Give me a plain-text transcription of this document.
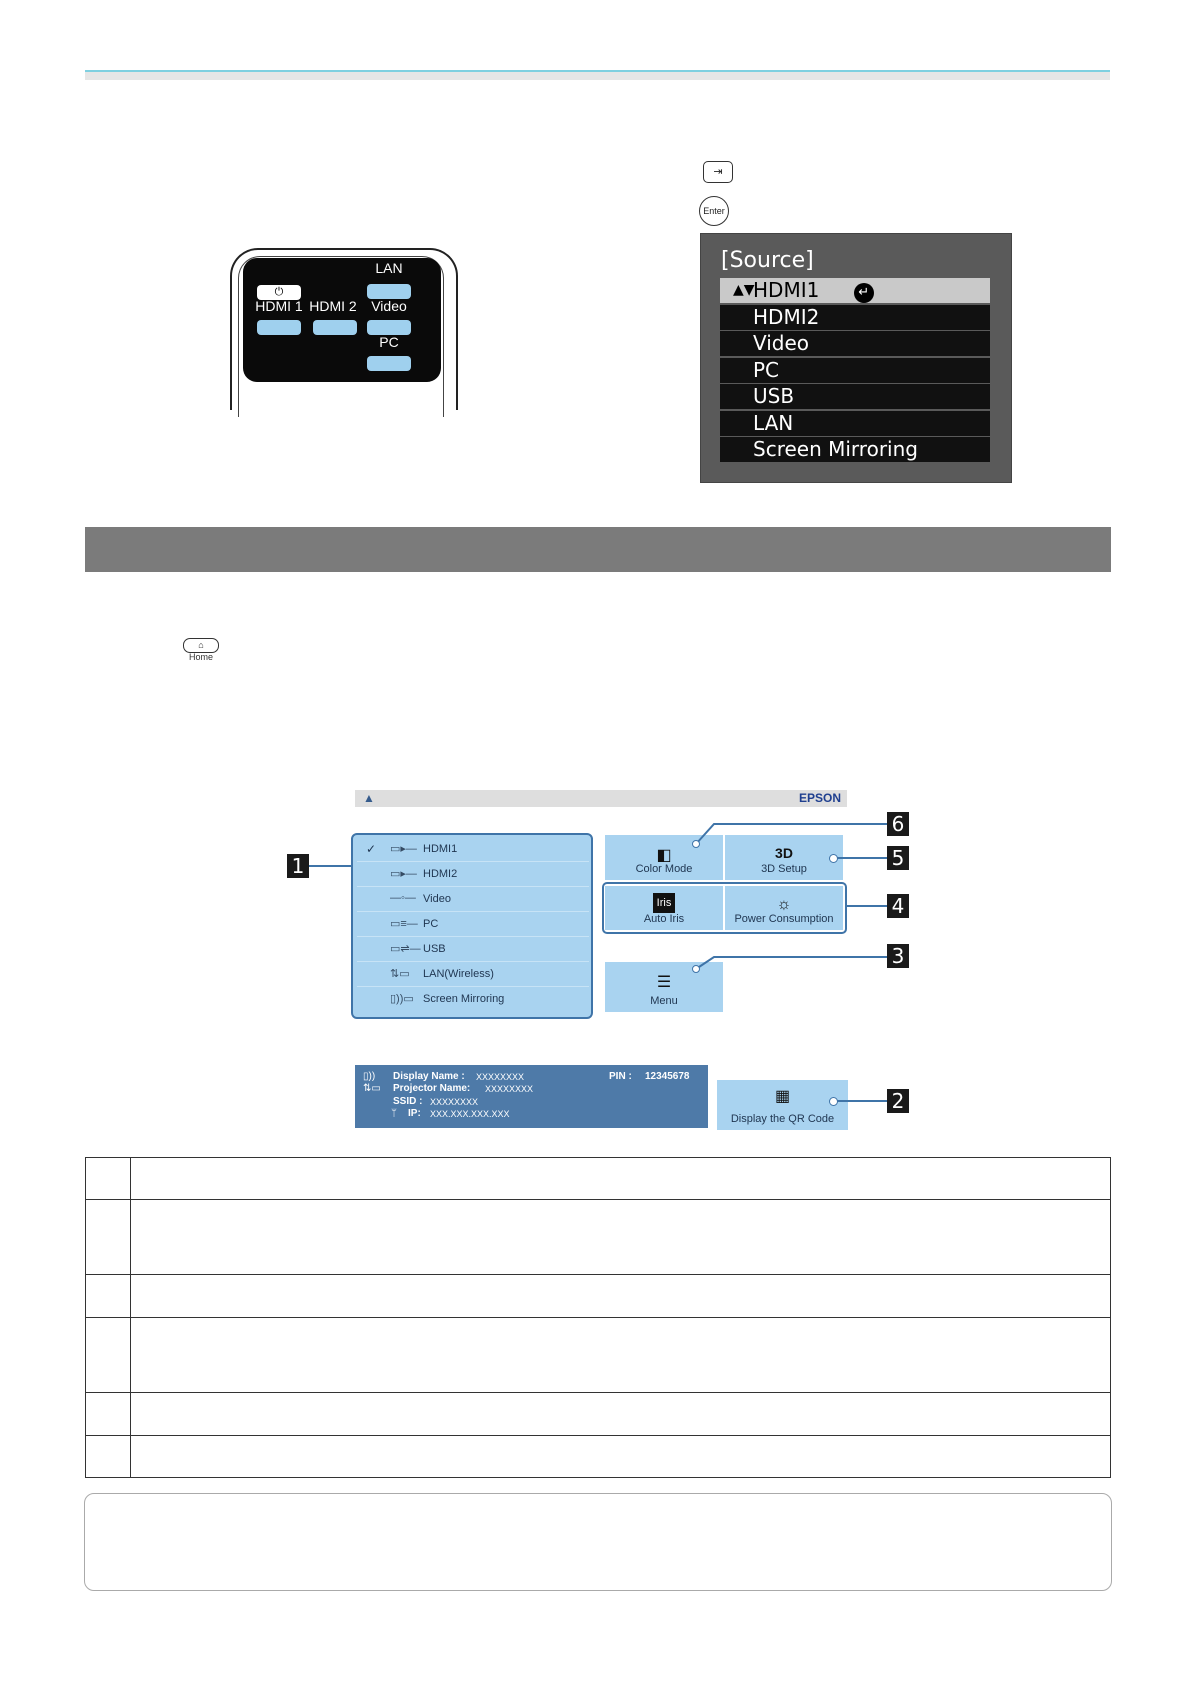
⏻
LAN
HDMI 1 HDMI 2	Video
PC
⇥
Enter
[Source]
▲▼
HDMI1	↵
HDMI2
Video
PC
USB
LAN
Screen Mirroring
⌂
Home
▲	EPSON
✓ ▭▸— HDMI1
▭▸— HDMI2
—◦— Video
▭≡— PC
▭⇌— USB
⇅▭ LAN(Wireless)
▯))▭ Screen Mirroring
◧
Color Mode
3D
3D Setup
Iris
Auto Iris
☼
Power Consumption
☰
Menu
▯)) Display Name : XXXXXXXX	PIN : 12345678
⇅▭ Projector Name: XXXXXXXX
SSID : XXXXXXXX
ᛘ IP: XXX.XXX.XXX.XXX
▦
Display the QR Code
1
2
3
4
5
6
